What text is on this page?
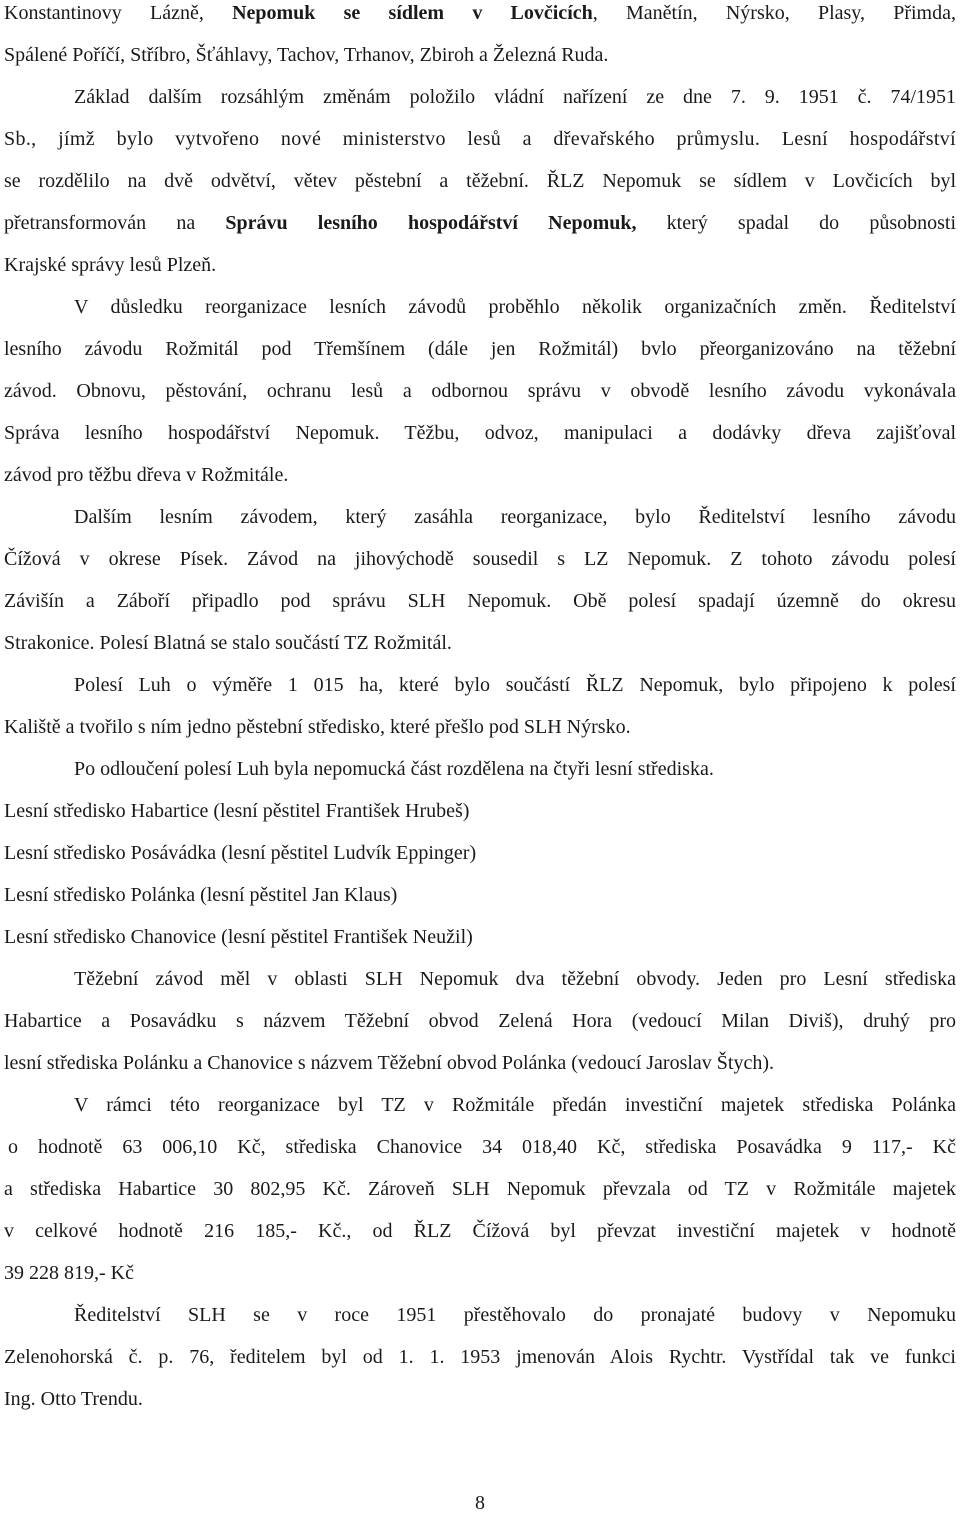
Konstantinovy Lázně, Nepomuk se sídlem v Lovčicích, Manětín, Nýrsko, Plasy, Přimda,
Spálené Poříčí, Stříbro, Šťáhlavy, Tachov, Trhanov, Zbiroh a Železná Ruda.
Základ dalším rozsáhlým změnám položilo vládní nařízení ze dne 7. 9. 1951 č. 74/1951
Sb., jímž bylo vytvořeno nové ministerstvo lesů a dřevařského průmyslu. Lesní hospodářství
se rozdělilo na dvě odvětví, větev pěstební a těžební. ŘLZ Nepomuk se sídlem v Lovčicích byl
přetransformován na Správu lesního hospodářství Nepomuk, který spadal do působnosti
Krajské správy lesů Plzeň.
V důsledku reorganizace lesních závodů proběhlo několik organizačních změn. Ředitelství
lesního závodu Rožmitál pod Třemšínem (dále jen Rožmitál) bvlo přeorganizováno na těžební
závod. Obnovu, pěstování, ochranu lesů a odbornou správu v obvodě lesního závodu vykonávala
Správa lesního hospodářství Nepomuk. Těžbu, odvoz, manipulaci a dodávky dřeva zajišťoval
závod pro těžbu dřeva v Rožmitále.
Dalším lesním závodem, který zasáhla reorganizace, bylo Ředitelství lesního závodu
Čížová v okrese Písek. Závod na jihovýchodě sousedil s LZ Nepomuk. Z tohoto závodu polesí
Závišín a Záboří připadlo pod správu SLH Nepomuk. Obě polesí spadají územně do okresu
Strakonice. Polesí Blatná se stalo součástí TZ Rožmitál.
Polesí Luh o výměře 1 015 ha, které bylo součástí ŘLZ Nepomuk, bylo připojeno k polesí
Kaliště a tvořilo s ním jedno pěstební středisko, které přešlo pod SLH Nýrsko.
Po odloučení polesí Luh byla nepomucká část rozdělena na čtyři lesní střediska.
Lesní středisko Habartice (lesní pěstitel František Hrubeš)
Lesní středisko Posávádka (lesní pěstitel Ludvík Eppinger)
Lesní středisko Polánka (lesní pěstitel Jan Klaus)
Lesní středisko Chanovice (lesní pěstitel František Neužil)
Těžební závod měl v oblasti SLH Nepomuk dva těžební obvody. Jeden pro Lesní střediska
Habartice a Posavádku s názvem Těžební obvod Zelená Hora (vedoucí Milan Diviš), druhý pro
lesní střediska Polánku a Chanovice s názvem Těžební obvod Polánka (vedoucí Jaroslav Štych).
V rámci této reorganizace byl TZ v Rožmitále předán investiční majetek střediska Polánka
o hodnotě 63 006,10 Kč, střediska Chanovice 34 018,40 Kč, střediska Posavádka 9 117,- Kč
a střediska Habartice 30 802,95 Kč. Zároveň SLH Nepomuk převzala od TZ v Rožmitále majetek
v celkové hodnotě 216 185,- Kč., od ŘLZ Čížová byl převzat investiční majetek v hodnotě
39 228 819,- Kč
Ředitelství SLH se v roce 1951 přestěhovalo do pronajaté budovy v Nepomuku
Zelenohorská č. p. 76, ředitelem byl od 1. 1. 1953 jmenován Alois Rychtr. Vystřídal tak ve funkci
Ing. Otto Trendu.
8
